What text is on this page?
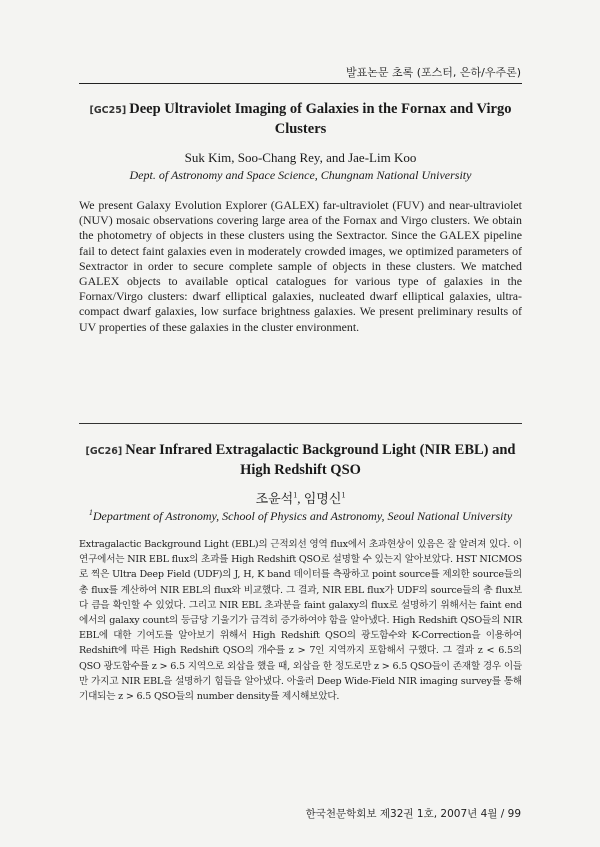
발표논문 초록 (포스터, 은하/우주론)
[GC25] Deep Ultraviolet Imaging of Galaxies in the Fornax and Virgo Clusters

Suk Kim, Soo-Chang Rey, and Jae-Lim Koo

Dept. of Astronomy and Space Science, Chungnam National University

We present Galaxy Evolution Explorer (GALEX) far-ultraviolet (FUV) and near-ultraviolet (NUV) mosaic observations covering large area of the Fornax and Virgo clusters. We obtain the photometry of objects in these clusters using the Sextractor. Since the GALEX pipeline fail to detect faint galaxies even in moderately crowded images, we optimized parameters of Sextractor in order to secure complete sample of objects in these clusters. We matched GALEX objects to available optical catalogues for various type of galaxies in the Fornax/Virgo clusters: dwarf elliptical galaxies, nucleated dwarf elliptical galaxies, ultra-compact dwarf galaxies, low surface brightness galaxies. We present preliminary results of UV properties of these galaxies in the cluster environment.

[GC26] Near Infrared Extragalactic Background Light (NIR EBL) and High Redshift QSO

조윤석$^1$, 임명신$^1$

$^1$Department of Astronomy, School of Physics and Astronomy, Seoul National University

Extragalactic Background Light (EBL)의 근적외선 영역 flux에서 초과현상이 있음은 잘 알려져 있다. 이 연구에서는 NIR EBL flux의 초과를 High Redshift QSO로 설명할 수 있는지 알아보았다. HST NICMOS로 찍은 Ultra Deep Field (UDF)의 J, H, K band 데이터를 측광하고 point source를 제외한 source들의 총 flux를 계산하여 NIR EBL의 flux와 비교했다. 그 결과, NIR EBL flux가 UDF의 source들의 총 flux보다 큼을 확인할 수 있었다. 그리고 NIR EBL 초과분을 faint galaxy의 flux로 설명하기 위해서는 faint end에서의 galaxy count의 등급당 기울기가 급격히 증가하여야 함을 알아냈다. High Redshift QSO들의 NIR EBL에 대한 기여도를 알아보기 위해서 High Redshift QSO의 광도함수와 K-Correction을 이용하여 Redshift에 따른 High Redshift QSO의 개수를 z > 7인 지역까지 포함해서 구했다. 그 결과 z < 6.5의 QSO 광도함수를 z > 6.5 지역으로 외삽을 했을 때, 외삽을 한 정도로만 z > 6.5 QSO들이 존재할 경우 이들만 가지고 NIR EBL을 설명하기 힘들을 알아냈다. 아울러 Deep Wide-Field NIR imaging survey를 통해 기대되는 z > 6.5 QSO들의 number density를 제시해보았다.

한국천문학회보 제32권 1호, 2007년 4월 / 99
